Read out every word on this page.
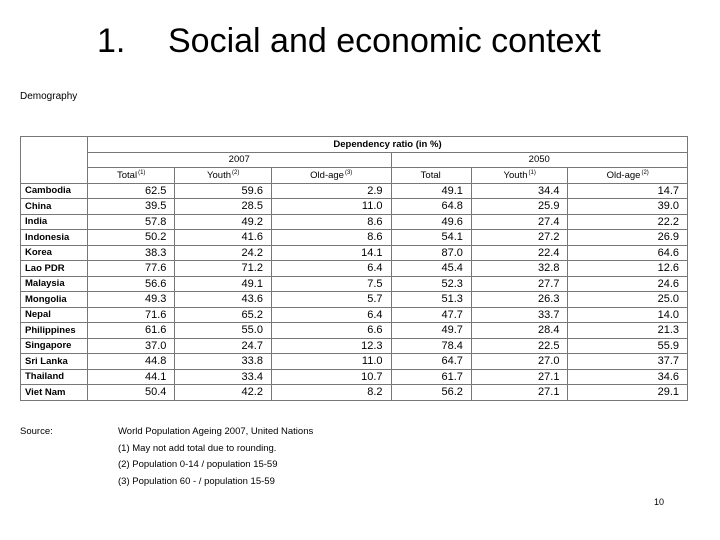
1. Social and economic context
Demography
	Dependency ratio (in %)					
	2007			2050		
	Total$^{(1)}$	Youth$^{(2)}$	Old-age$^{(3)}$	Total	Youth$^{(1)}$	Old-age$^{(2)}$
Cambodia	62.5	59.6	2.9	49.1	34.4	14.7
China	39.5	28.5	11.0	64.8	25.9	39.0
India	57.8	49.2	8.6	49.6	27.4	22.2
Indonesia	50.2	41.6	8.6	54.1	27.2	26.9
Korea	38.3	24.2	14.1	87.0	22.4	64.6
Lao PDR	77.6	71.2	6.4	45.4	32.8	12.6
Malaysia	56.6	49.1	7.5	52.3	27.7	24.6
Mongolia	49.3	43.6	5.7	51.3	26.3	25.0
Nepal	71.6	65.2	6.4	47.7	33.7	14.0
Philippines	61.6	55.0	6.6	49.7	28.4	21.3
Singapore	37.0	24.7	12.3	78.4	22.5	55.9
Sri Lanka	44.8	33.8	11.0	64.7	27.0	37.7
Thailand	44.1	33.4	10.7	61.7	27.1	34.6
Viet Nam	50.4	42.2	8.2	56.2	27.1	29.1
Source:	World Population Ageing 2007, United Nations
(1) May not add total due to rounding.
(2) Population 0-14 / population 15-59
(3) Population 60 - / population 15-59
10
